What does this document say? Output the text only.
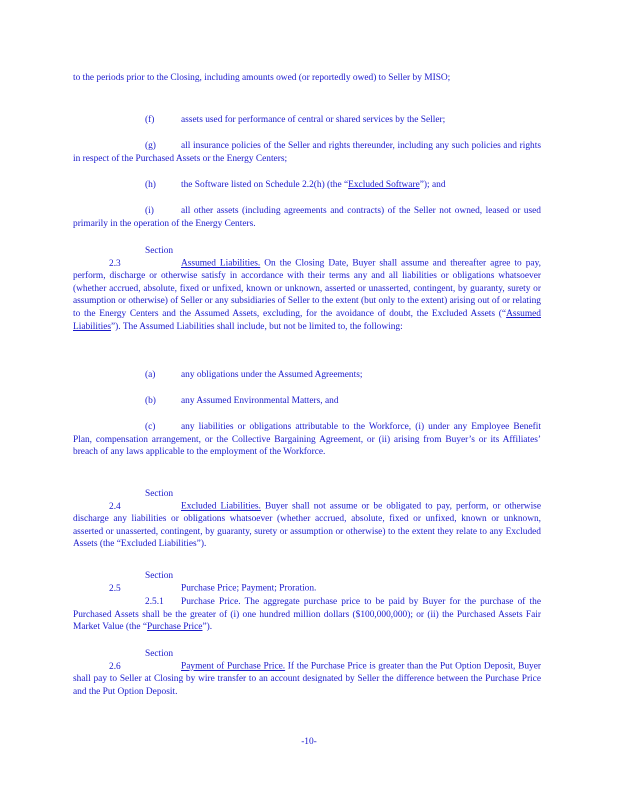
to the periods prior to the Closing, including amounts owed (or reportedly owed) to Seller by MISO;
(f)	assets used for performance of central or shared services by the Seller;
(g)	all insurance policies of the Seller and rights thereunder, including any such policies and rights in respect of the Purchased Assets or the Energy Centers;
(h)	the Software listed on Schedule 2.2(h) (the “Excluded Software”); and
(i)	all other assets (including agreements and contracts) of the Seller not owned, leased or used primarily in the operation of the Energy Centers.
Section 2.3	Assumed Liabilities. On the Closing Date, Buyer shall assume and thereafter agree to pay, perform, discharge or otherwise satisfy in accordance with their terms any and all liabilities or obligations whatsoever (whether accrued, absolute, fixed or unfixed, known or unknown, asserted or unasserted, contingent, by guaranty, surety or assumption or otherwise) of Seller or any subsidiaries of Seller to the extent (but only to the extent) arising out of or relating to the Energy Centers and the Assumed Assets, excluding, for the avoidance of doubt, the Excluded Assets (“Assumed Liabilities”). The Assumed Liabilities shall include, but not be limited to, the following:
(a)	any obligations under the Assumed Agreements;
(b)	any Assumed Environmental Matters, and
(c)	any liabilities or obligations attributable to the Workforce, (i) under any Employee Benefit Plan, compensation arrangement, or the Collective Bargaining Agreement, or (ii) arising from Buyer’s or its Affiliates’ breach of any laws applicable to the employment of the Workforce.
Section 2.4	Excluded Liabilities. Buyer shall not assume or be obligated to pay, perform, or otherwise discharge any liabilities or obligations whatsoever (whether accrued, absolute, fixed or unfixed, known or unknown, asserted or unasserted, contingent, by guaranty, surety or assumption or otherwise) to the extent they relate to any Excluded Assets (the “Excluded Liabilities”).
Section 2.5	Purchase Price; Payment; Proration.
2.5.1 Purchase Price. The aggregate purchase price to be paid by Buyer for the purchase of the Purchased Assets shall be the greater of (i) one hundred million dollars ($100,000,000); or (ii) the Purchased Assets Fair Market Value (the “Purchase Price”).
Section 2.6	Payment of Purchase Price. If the Purchase Price is greater than the Put Option Deposit, Buyer shall pay to Seller at Closing by wire transfer to an account designated by Seller the difference between the Purchase Price and the Put Option Deposit.
-10-
